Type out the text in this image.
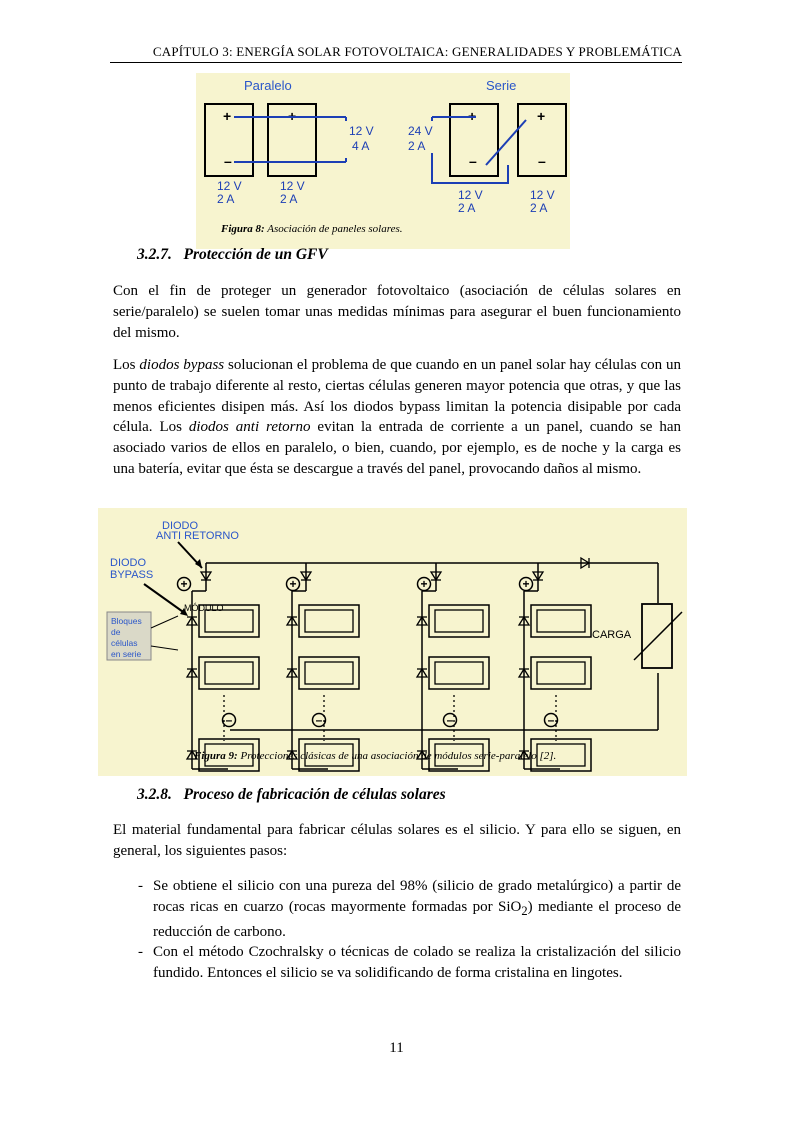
CAPÍTULO 3: ENERGÍA SOLAR FOTOVOLTAICA: GENERALIDADES Y PROBLEMÁTICA
Paralelo	Serie
+	+	+	+
–	–	–	–
12 V
4 A
24 V
2 A
12 V
2 A
12 V
2 A	12 V
2 A
12 V
2 A
Figura 8: Asociación de paneles solares.
3.2.7. Protección de un GFV
Con el fin de proteger un generador fotovoltaico (asociación de células solares en serie/paralelo) se suelen tomar unas medidas mínimas para asegurar el buen funcionamiento del mismo.
Los diodos bypass solucionan el problema de que cuando en un panel solar hay células con un punto de trabajo diferente al resto, ciertas células generen mayor potencia que otras, y que las menos eficientes disipen más. Así los diodos bypass limitan la potencia disipable por cada célula. Los diodos anti retorno evitan la entrada de corriente a un panel, cuando se han asociado varios de ellos en paralelo, o bien, cuando, por ejemplo, es de noche y la carga es una batería, evitar que ésta se descargue a través del panel, provocando daños al mismo.
CARGA
+	+	+	+
–	–	–	–
DIODO
ANTI RETORNO
DIODO
BYPASS
MÓDULO
Bloques
de
células
en serie
Figura 9: Protecciones clásicas de una asociación de módulos serie-paralelo [2].
3.2.8. Proceso de fabricación de células solares
El material fundamental para fabricar células solares es el silicio. Y para ello se siguen, en general, los siguientes pasos:
- Se obtiene el silicio con una pureza del 98% (silicio de grado metalúrgico) a partir de rocas ricas en cuarzo (rocas mayormente formadas por SiO$_2$) mediante el proceso de reducción de carbono.
- Con el método Czochralsky o técnicas de colado se realiza la cristalización del silicio fundido. Entonces el silicio se va solidificando de forma cristalina en lingotes.
11
